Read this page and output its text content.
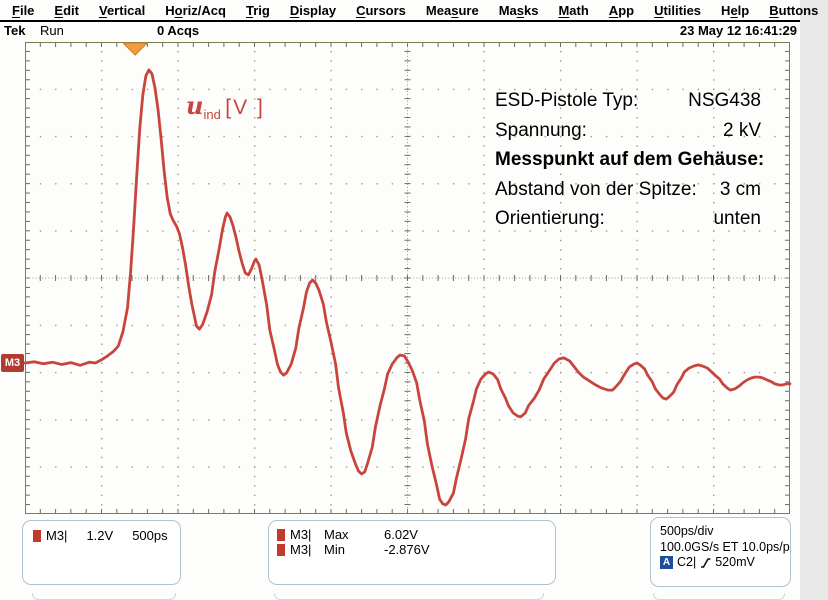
File	Edit	Vertical	Horiz/Acq	Trig	Display	Cursors	Measure	Masks	Math	App	Utilities	Help	Buttons
Tek Run	0 Acqs	23 May 12 16:41:29
M3
$u_{ind}$ [V ]	ESD-Pistole Typ:	NSG438
Spannung:	2 kV
Messpunkt auf dem Gehäuse:
Abstand von der Spitze: 3 cm
Orientierung:	unten
M3| 1.2V 500ps	M3| Max	6.02V
M3| Min	-2.876V
500ps/div
100.0GS/s ET 10.0ps/p
A C2| 520mV
